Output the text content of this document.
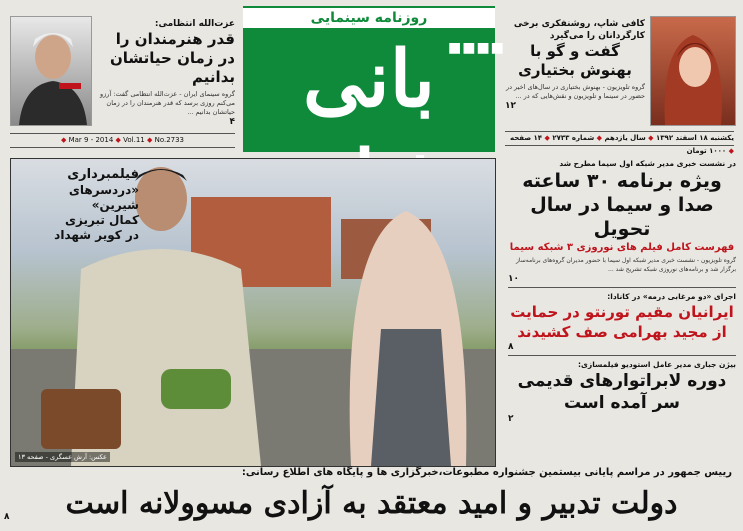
عزت‌الله انتظامی:
قدر هنرمندان را
در زمان حیاتشان بدانیم
گروه سینمای ایران - عزت‌الله انتظامی گفت: آرزو می‌کنم روزی برسد که قدر هنرمندان را در زمان حیاتشان بدانیم ...
۴
روزنامه سینمایی
■■■■
بانی
کافی شاپ، روشنفکری برخی کارگردانان را می‌گیرد
گفت و گو با
بهنوش بختیاری
گروه تلویزیون - بهنوش بختیاری در سال‌های اخیر در حضور در سینما و تلویزیون و نقش‌هایی که در ...
۱۲
◆ Mar 9 - 2014 ◆ Vol.11 ◆ No.2733	یکشنبه ۱۸ اسفند ۱۳۹۲ ◆ سال یازدهم ◆ شماره ۲۷۳۳ ◆ ۱۴ صفحه ◆ ۱۰۰۰ تومان
فیلمبرداری
«دردسرهای شیرین»
کمال تبریزی
در کویر شهداد
عکس: آرش عسگری - صفحه ۱۳
در نشست خبری مدیر شبکه اول سیما مطرح شد
ویژه برنامه ۳۰ ساعته
صدا و سیما در سال تحویل
فهرست کامل فیلم های نوروزی ۳ شبکه سیما
گروه تلویزیون - نشست خبری مدیر شبکه اول سیما با حضور مدیران گروه‌های برنامه‌ساز برگزار شد و برنامه‌های نوروزی شبکه تشریح شد ...
۱۰
اجرای «دو مرغابی درمه» در کانادا:
ایرانیان مقیم تورنتو در حمایت
از مجید بهرامی صف کشیدند
۸
بیژن جباری مدیر عامل استودیو فیلمسازی:
دوره لابراتوارهای قدیمی
سر آمده است
۲
رییس جمهور در مراسم پایانی بیستمین جشنواره مطبوعات،خبرگزاری ها و پایگاه های اطلاع رسانی:
دولت تدبیر و امید معتقد به آزادی مسوولانه است
۸
